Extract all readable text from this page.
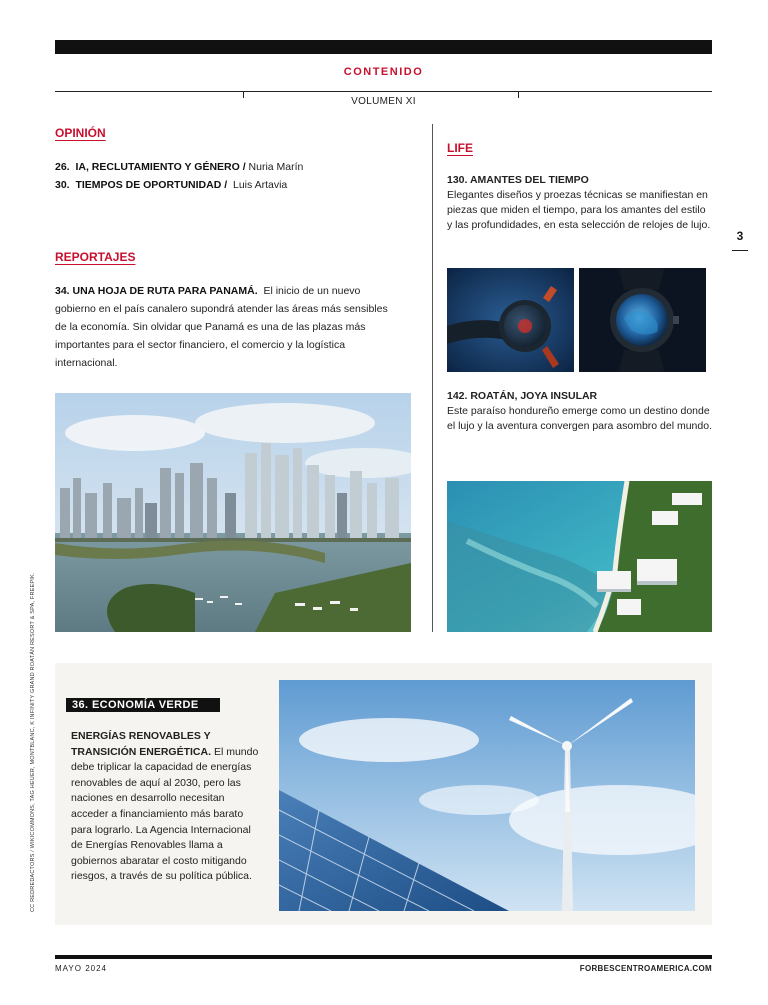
CONTENIDO
VOLUMEN XI
OPINIÓN
26. IA, RECLUTAMIENTO Y GÉNERO / Nuria Marín
30. TIEMPOS DE OPORTUNIDAD / Luis Artavia
REPORTAJES
34. UNA HOJA DE RUTA PARA PANAMÁ. El inicio de un nuevo gobierno en el país canalero supondrá atender las áreas más sensibles de la economía. Sin olvidar que Panamá es una de las plazas más importantes para el sector financiero, el comercio y la logística internacional.
LIFE
130. AMANTES DEL TIEMPO
Elegantes diseños y proezas técnicas se manifiestan en piezas que miden el tiempo, para los amantes del estilo y las profundidades, en esta selección de relojes de lujo.
142. ROATÁN, JOYA INSULAR
Este paraíso hondureño emerge como un destino donde el lujo y la aventura convergen para asombro del mundo.
3
CC REDREDACTORS / WIKICOMMONS, TAG HEUER, MONTBLANC, K INFINITY GRAND ROATÁN RESORT & SPA, FREEPIK.	36. ECONOMÍA VERDE
ENERGÍAS RENOVABLES Y TRANSICIÓN ENERGÉTICA. El mundo debe triplicar la capacidad de energías renovables de aquí al 2030, pero las naciones en desarrollo necesitan acceder a financiamiento más barato para lograrlo. La Agencia Internacional de Energías Renovables llama a gobiernos abaratar el costo mitigando riesgos, a través de su política pública.
MAYO 2024	FORBESCENTROAMERICA.COM
